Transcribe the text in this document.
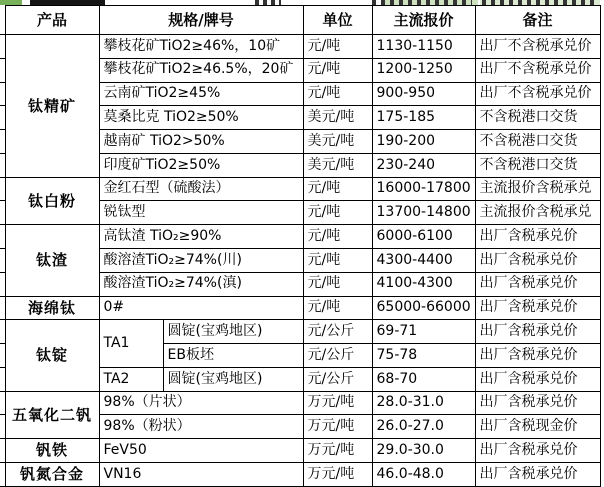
	产品	规格/牌号		单位	主流报价	备注
	钛精矿	攀枝花矿TiO2≥46%，10矿		元/吨	1130-1150	出厂不含税承兑价
		攀枝花矿TiO2≥46.5%，20矿		元/吨	1200-1250	出厂不含税承兑价
		云南矿TiO2≥45%		元/吨	900-950	出厂不含税承兑价
		莫桑比克 TiO2≥50%		美元/吨	175-185	不含税港口交货
		越南矿 TiO2>50%		美元/吨	190-200	不含税港口交货
		印度矿TiO2≥50%		美元/吨	230-240	不含税港口交货
	钛白粉	金红石型（硫酸法）		元/吨	16000-17800	主流报价含税承兑
		锐钛型		元/吨	13700-14800	主流报价含税承兑
	钛渣	高钛渣 TiO₂≥90%		元/吨	6000-6100	出厂含税承兑价
		酸溶渣TiO₂≥74%(川)		元/吨	4300-4400	出厂含税承兑价
		酸溶渣TiO₂≥74%(滇)		元/吨	4100-4300	出厂含税承兑价
	海绵钛	0#		元/吨	65000-66000	出厂含税承兑价
	钛锭	TA1	圆锭(宝鸡地区)	元/公斤	69-71	出厂含税承兑价
			EB板坯	元/公斤	75-78	出厂含税承兑价
		TA2	圆锭(宝鸡地区)	元/公斤	68-70	出厂含税承兑价
	五氧化二钒	98%（片状）		万元/吨	28.0-31.0	出厂含税承兑价
		98%（粉状）		万元/吨	26.0-27.0	出厂含税现金价
	钒铁	FeV50		万元/吨	29.0-30.0	出厂含税承兑价
	钒氮合金	VN16		万元/吨	46.0-48.0	出厂含税承兑价
